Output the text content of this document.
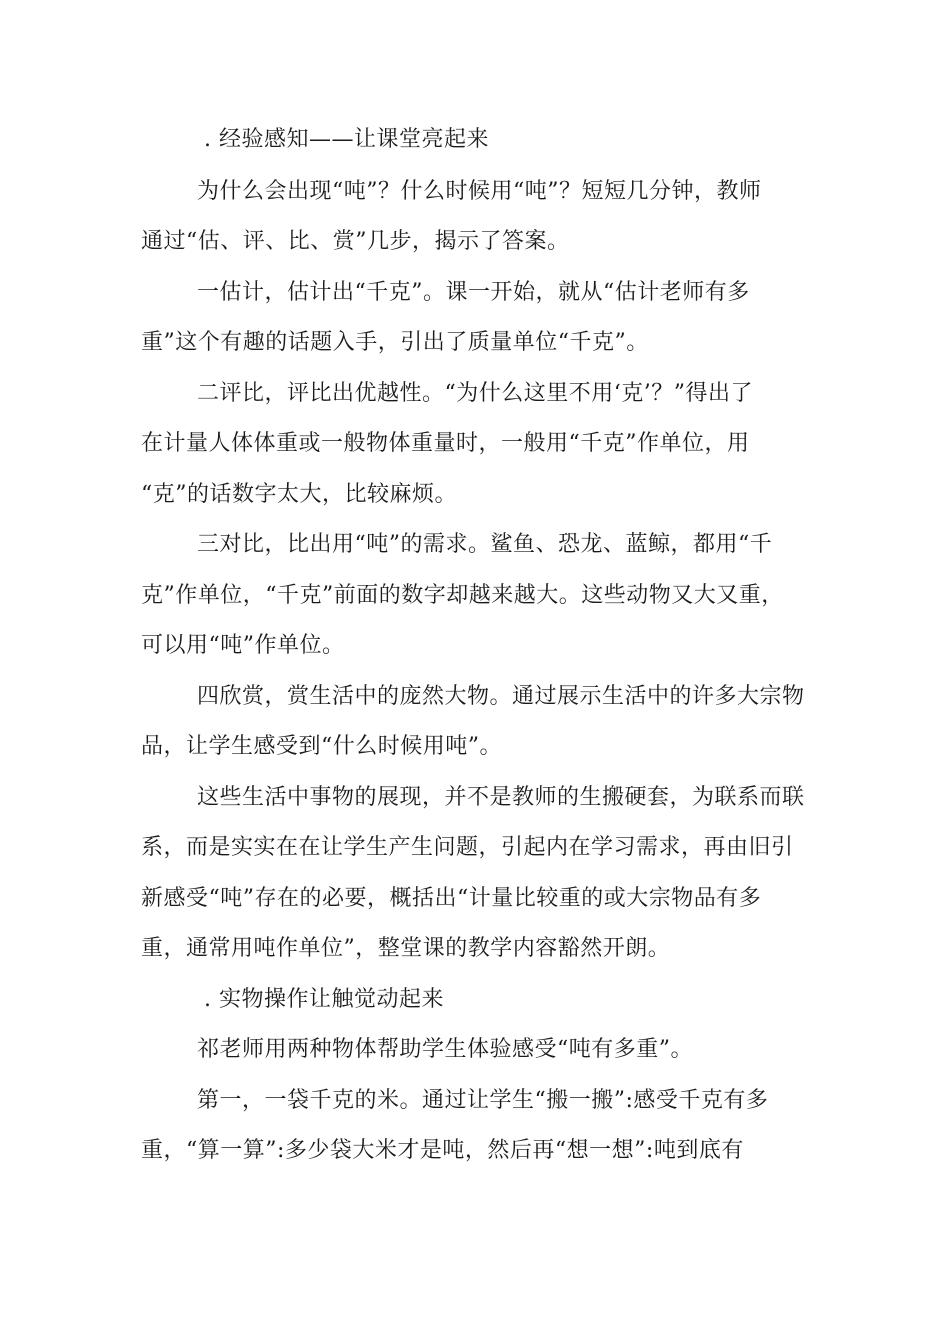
. 经验感知——让课堂亮起来
为什么会出现“吨”？什么时候用“吨”？短短几分钟，教师
通过“估、评、比、赏”几步，揭示了答案。
一估计，估计出“千克”。课一开始，就从“估计老师有多
重”这个有趣的话题入手，引出了质量单位“千克”。
二评比，评比出优越性。“为什么这里不用‘克’？”得出了
在计量人体体重或一般物体重量时，一般用“千克”作单位，用
“克”的话数字太大，比较麻烦。
三对比，比出用“吨”的需求。鲨鱼、恐龙、蓝鲸，都用“千
克”作单位，“千克”前面的数字却越来越大。这些动物又大又重，
可以用“吨”作单位。
四欣赏，赏生活中的庞然大物。通过展示生活中的许多大宗物
品，让学生感受到“什么时候用吨”。
这些生活中事物的展现，并不是教师的生搬硬套，为联系而联
系，而是实实在在让学生产生问题，引起内在学习需求，再由旧引
新感受“吨”存在的必要，概括出“计量比较重的或大宗物品有多
重，通常用吨作单位”，整堂课的教学内容豁然开朗。
. 实物操作让触觉动起来
祁老师用两种物体帮助学生体验感受“吨有多重”。
第一，一袋千克的米。通过让学生“搬一搬”:感受千克有多
重，“算一算”:多少袋大米才是吨，然后再“想一想”:吨到底有
